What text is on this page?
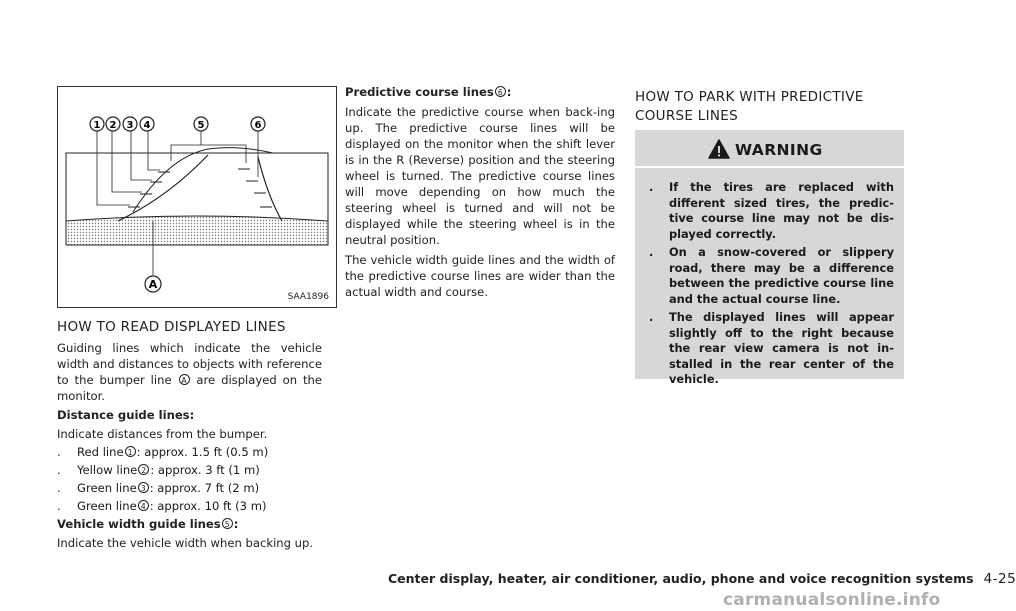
1 2 3 4	5	6
A
SAA1896
HOW TO READ DISPLAYED LINES

Guiding lines which indicate the vehicle width and distances to objects with reference to the bumper line A are displayed on the monitor.

Distance guide lines:

Indicate distances from the bumper.

.	Red line 1 : approx. 1.5 ft (0.5 m)
.	Yellow line 2 : approx. 3 ft (1 m)
.	Green line 3 : approx. 7 ft (2 m)
.	Green line 4 : approx. 10 ft (3 m)

Vehicle width guide lines 5 :

Indicate the vehicle width when backing up.

Predictive course lines 6 :

Indicate the predictive course when back-ing up. The predictive course lines will be displayed on the monitor when the shift lever is in the R (Reverse) position and the steering wheel is turned. The predictive course lines will move depending on how much the steering wheel is turned and will not be displayed while the steering wheel is in the neutral position.

The vehicle width guide lines and the width of the predictive course lines are wider than the actual width and course.

HOW TO PARK WITH PREDICTIVE
COURSE LINES
WARNING
.	If the tires are replaced with different sized tires, the predic-tive course line may not be dis-played correctly.
.	On a snow-covered or slippery road, there may be a difference between the predictive course line and the actual course line.
.	The displayed lines will appear slightly off to the right because the rear view camera is not in-stalled in the rear center of the vehicle.
Center display, heater, air conditioner, audio, phone and voice recognition systems 4-25
carmanualsonline.info
